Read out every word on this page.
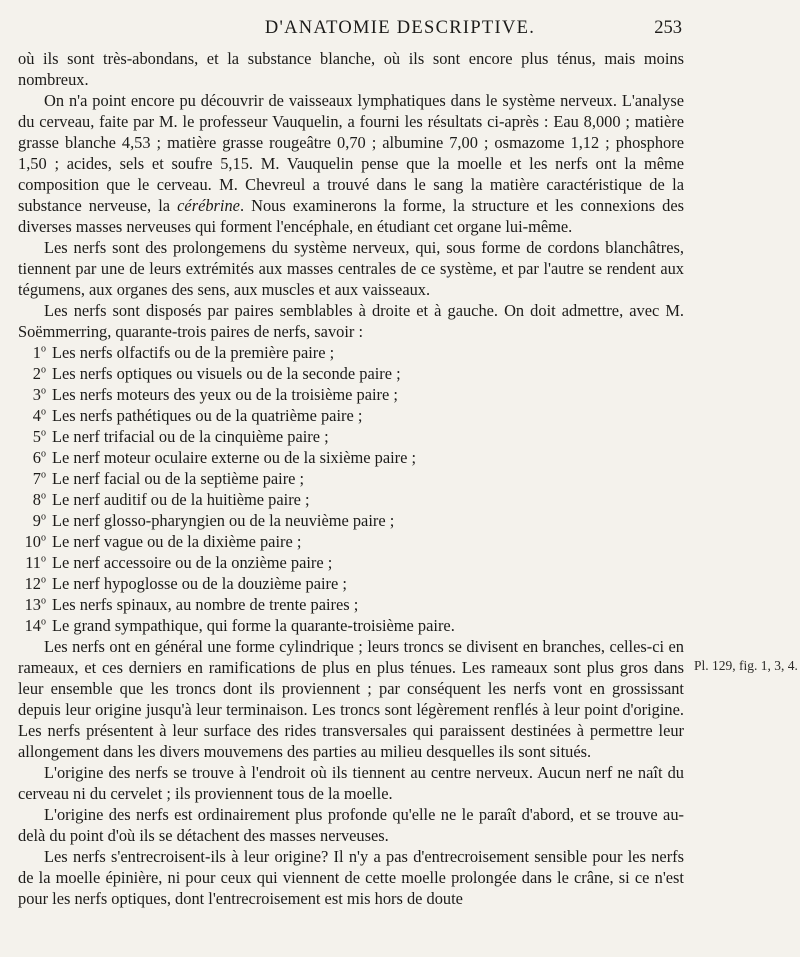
D'ANATOMIE DESCRIPTIVE.	253

où ils sont très-abondans, et la substance blanche, où ils sont encore plus ténus, mais moins nombreux.

On n'a point encore pu découvrir de vaisseaux lymphatiques dans le système nerveux. L'analyse du cerveau, faite par M. le professeur Vauquelin, a fourni les résultats ci-après : Eau 8,000 ; matière grasse blanche 4,53 ; matière grasse rougeâtre 0,70 ; albumine 7,00 ; osmazome 1,12 ; phosphore 1,50 ; acides, sels et soufre 5,15. M. Vauquelin pense que la moelle et les nerfs ont la même composition que le cerveau. M. Chevreul a trouvé dans le sang la matière caractéristique de la substance nerveuse, la cérébrine. Nous examinerons la forme, la structure et les connexions des diverses masses nerveuses qui forment l'encéphale, en étudiant cet organe lui-même.

Les nerfs sont des prolongemens du système nerveux, qui, sous forme de cordons blanchâtres, tiennent par une de leurs extrémités aux masses centrales de ce système, et par l'autre se rendent aux tégumens, aux organes des sens, aux muscles et aux vaisseaux.

Les nerfs sont disposés par paires semblables à droite et à gauche. On doit admettre, avec M. Soëmmerring, quarante-trois paires de nerfs, savoir :

1$^o$ Les nerfs olfactifs ou de la première paire ;
2$^o$ Les nerfs optiques ou visuels ou de la seconde paire ;
3$^o$ Les nerfs moteurs des yeux ou de la troisième paire ;
4$^o$ Les nerfs pathétiques ou de la quatrième paire ;
5$^o$ Le nerf trifacial ou de la cinquième paire ;
6$^o$ Le nerf moteur oculaire externe ou de la sixième paire ;
7$^o$ Le nerf facial ou de la septième paire ;
8$^o$ Le nerf auditif ou de la huitième paire ;
9$^o$ Le nerf glosso-pharyngien ou de la neuvième paire ;
10$^o$ Le nerf vague ou de la dixième paire ;
11$^o$ Le nerf accessoire ou de la onzième paire ;
12$^o$ Le nerf hypoglosse ou de la douzième paire ;
13$^o$ Les nerfs spinaux, au nombre de trente paires ;
14$^o$ Le grand sympathique, qui forme la quarante-troisième paire.

Les nerfs ont en général une forme cylindrique ; leurs troncs se divisent en branches, celles-ci en rameaux, et ces derniers en ramifications de plus en plus ténues. Les rameaux sont plus gros dans leur ensemble que les troncs dont ils proviennent ; par conséquent les nerfs vont en grossissant depuis leur origine jusqu'à leur terminaison. Les troncs sont légèrement renflés à leur point d'origine. Les nerfs présentent à leur surface des rides transversales qui paraissent destinées à permettre leur allongement dans les divers mouvemens des parties au milieu desquelles ils sont situés.

L'origine des nerfs se trouve à l'endroit où ils tiennent au centre nerveux. Aucun nerf ne naît du cerveau ni du cervelet ; ils proviennent tous de la moelle.

L'origine des nerfs est ordinairement plus profonde qu'elle ne le paraît d'abord, et se trouve au-delà du point d'où ils se détachent des masses nerveuses.

Les nerfs s'entrecroisent-ils à leur origine? Il n'y a pas d'entrecroisement sensible pour les nerfs de la moelle épinière, ni pour ceux qui viennent de cette moelle prolongée dans le crâne, si ce n'est pour les nerfs optiques, dont l'entrecroisement est mis hors de doute

Pl. 129, fig. 1, 3, 4.
